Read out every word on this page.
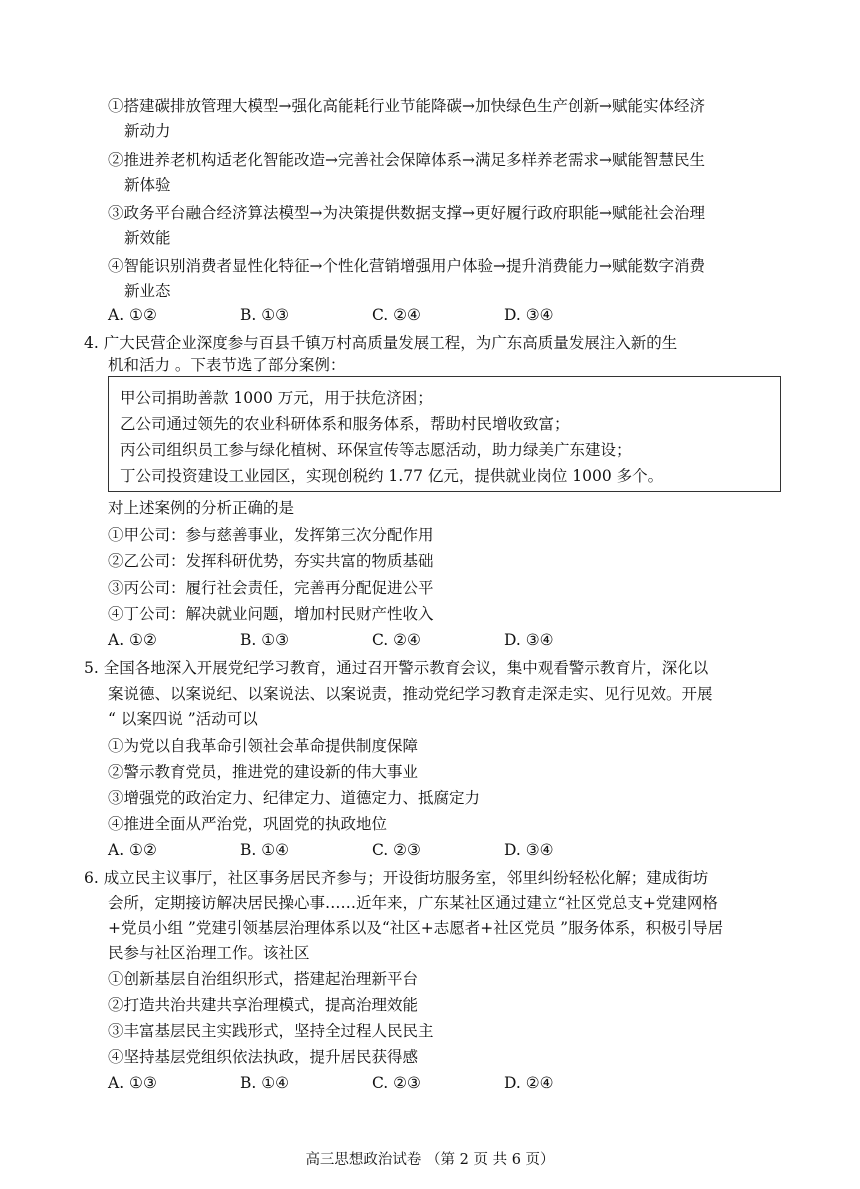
①搭建碳排放管理大模型→强化高能耗行业节能降碳→加快绿色生产创新→赋能实体经济
新动力
②推进养老机构适老化智能改造→完善社会保障体系→满足多样养老需求→赋能智慧民生
新体验
③政务平台融合经济算法模型→为决策提供数据支撑→更好履行政府职能→赋能社会治理
新效能
④智能识别消费者显性化特征→个性化营销增强用户体验→提升消费能力→赋能数字消费
新业态
A. ①②	B. ①③	C. ②④	D. ③④
4. 广大民营企业深度参与百县千镇万村高质量发展工程，为广东高质量发展注入新的生
机和活力 。下表节选了部分案例：
甲公司捐助善款 1000 万元，用于扶危济困；
乙公司通过领先的农业科研体系和服务体系，帮助村民增收致富；
丙公司组织员工参与绿化植树、环保宣传等志愿活动，助力绿美广东建设；
丁公司投资建设工业园区，实现创税约 1.77 亿元，提供就业岗位 1000 多个。
对上述案例的分析正确的是
①甲公司：参与慈善事业，发挥第三次分配作用
②乙公司：发挥科研优势，夯实共富的物质基础
③丙公司：履行社会责任，完善再分配促进公平
④丁公司：解决就业问题，增加村民财产性收入
A. ①②	B. ①③	C. ②④	D. ③④
5. 全国各地深入开展党纪学习教育，通过召开警示教育会议，集中观看警示教育片，深化以
案说德、以案说纪、以案说法、以案说责，推动党纪学习教育走深走实、见行见效。开展
“ 以案四说 ”活动可以
①为党以自我革命引领社会革命提供制度保障
②警示教育党员，推进党的建设新的伟大事业
③增强党的政治定力、纪律定力、道德定力、抵腐定力
④推进全面从严治党，巩固党的执政地位
A. ①②	B. ①④	C. ②③	D. ③④
6. 成立民主议事厅，社区事务居民齐参与；开设街坊服务室，邻里纠纷轻松化解；建成街坊
会所，定期接访解决居民操心事……近年来，广东某社区通过建立“社区党总支+党建网格
+党员小组 ”党建引领基层治理体系以及“社区+志愿者+社区党员 ”服务体系，积极引导居
民参与社区治理工作。该社区
①创新基层自治组织形式，搭建起治理新平台
②打造共治共建共享治理模式，提高治理效能
③丰富基层民主实践形式，坚持全过程人民民主
④坚持基层党组织依法执政，提升居民获得感
A. ①③	B. ①④	C. ②③	D. ②④
高三思想政治试卷 （第 2 页 共 6 页）
